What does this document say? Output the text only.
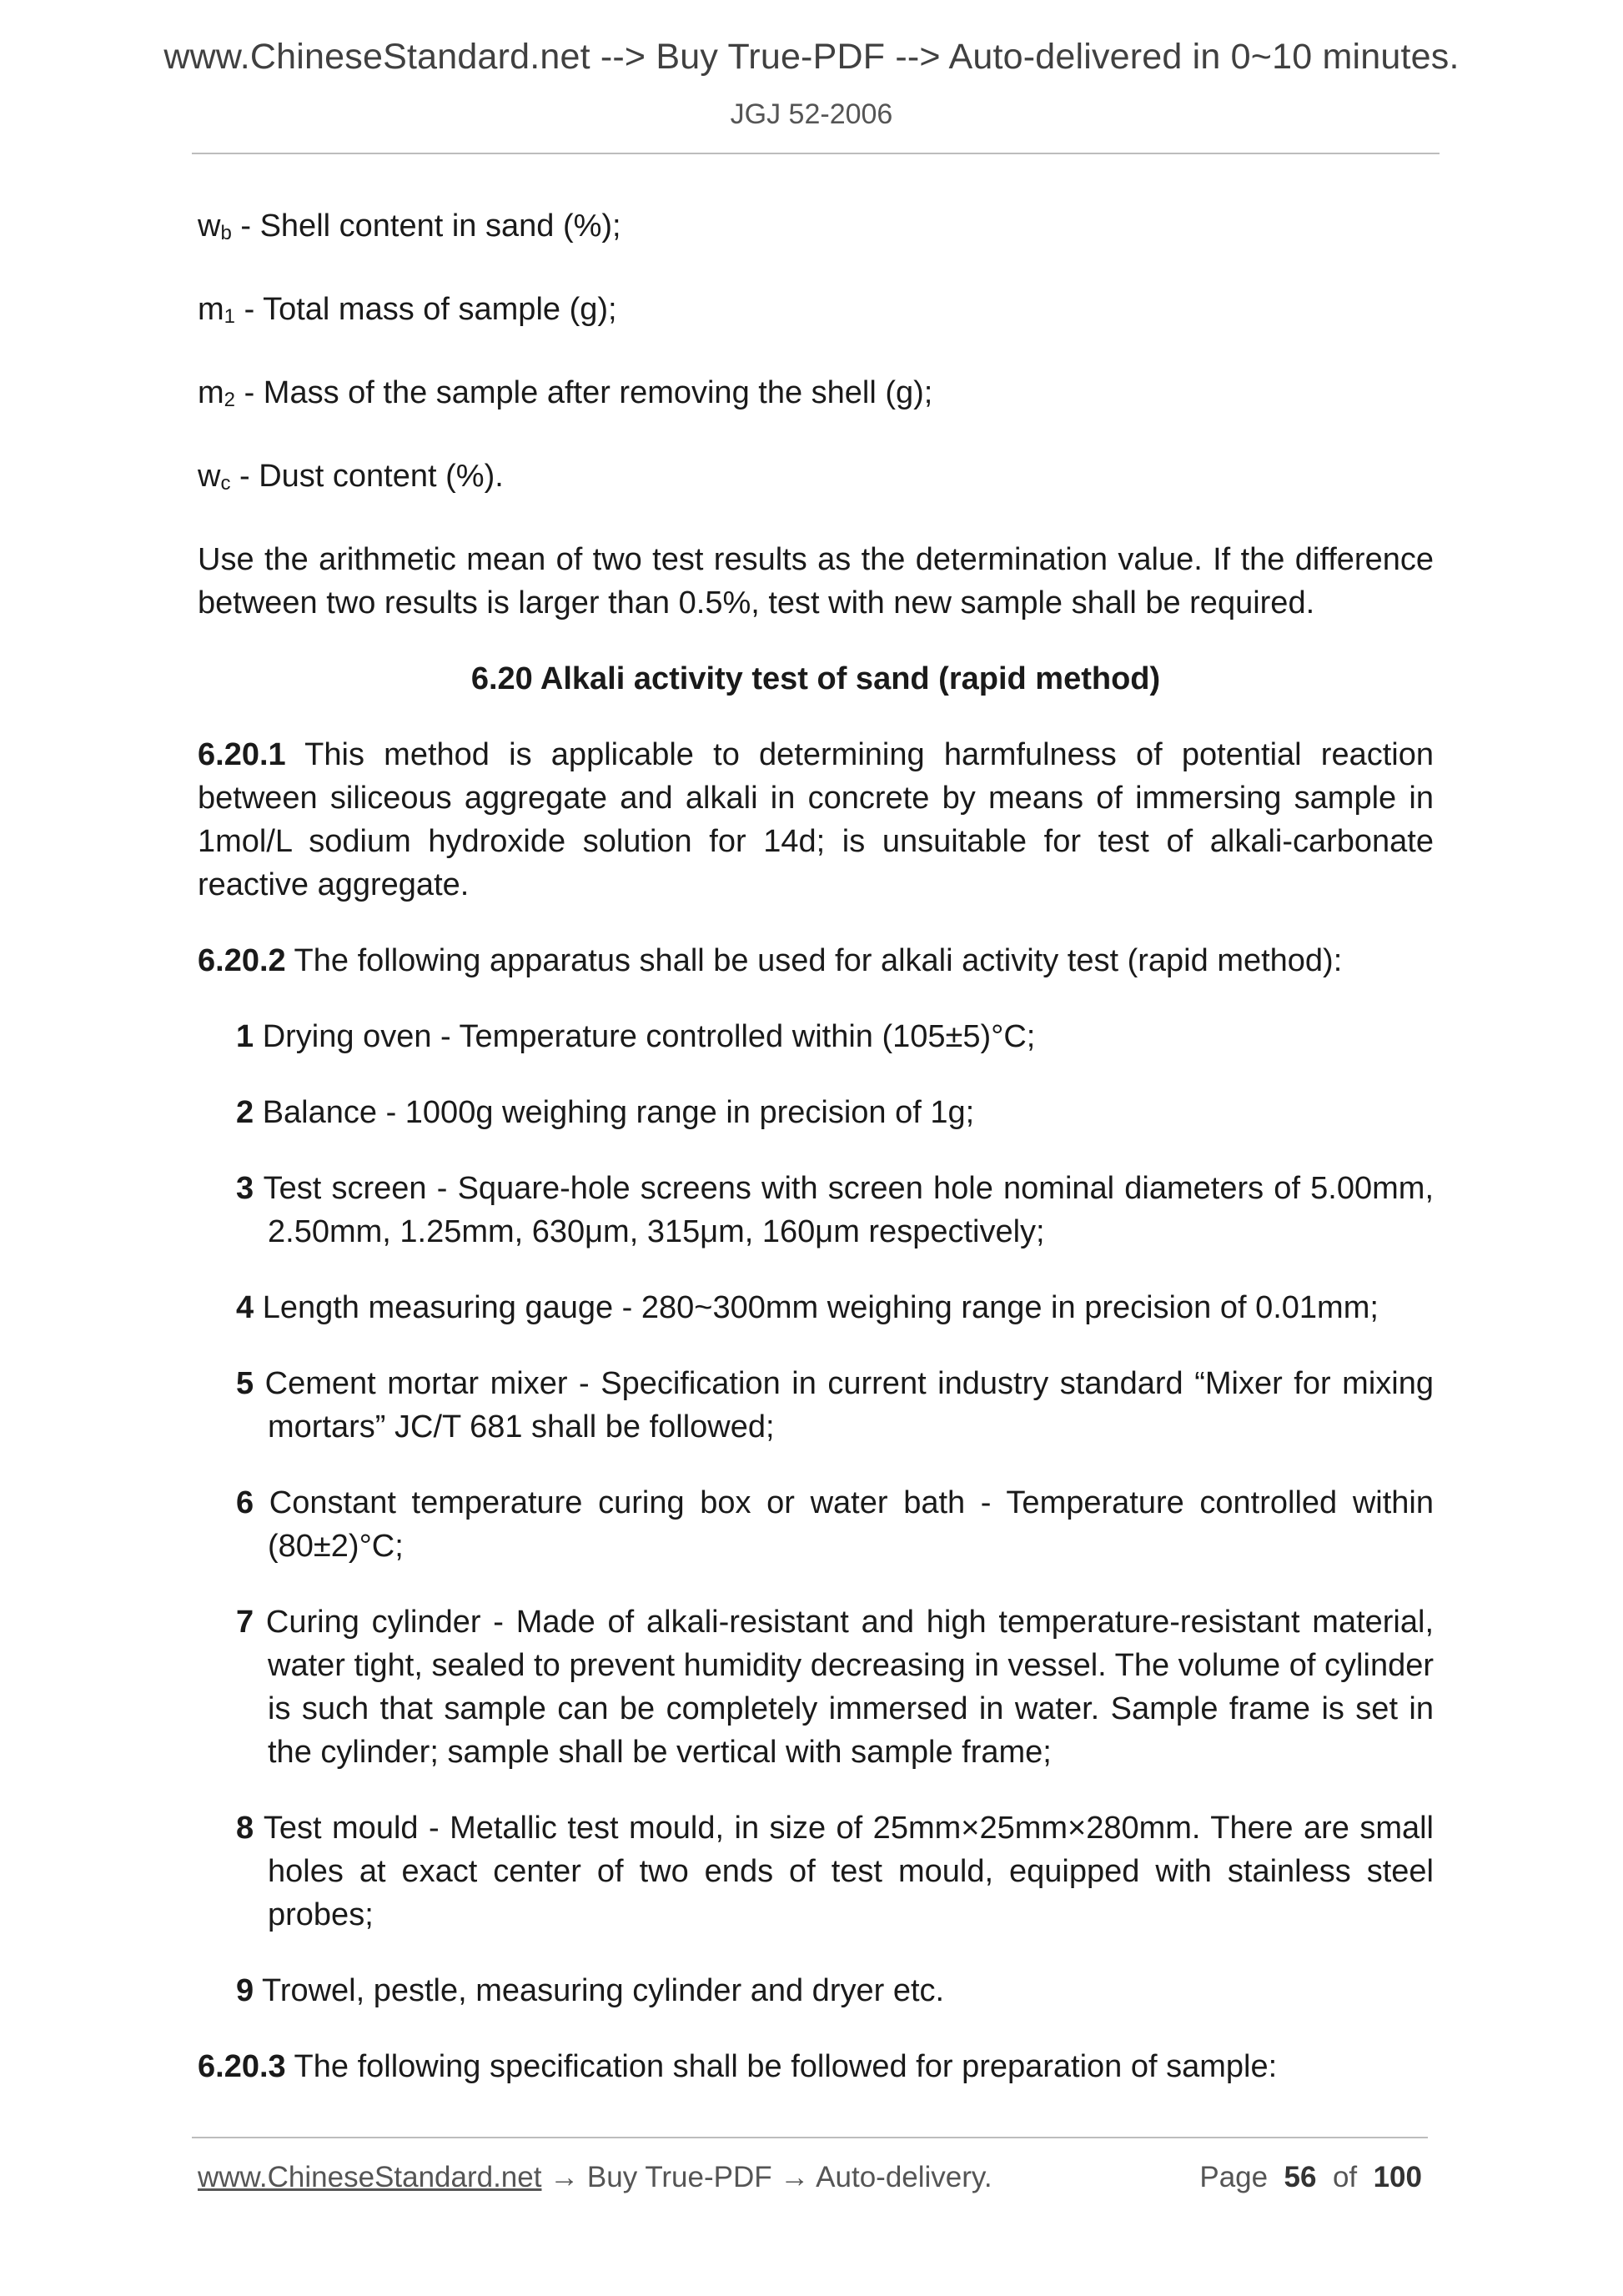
www.ChineseStandard.net --> Buy True-PDF --> Auto-delivered in 0~10 minutes.
JGJ 52-2006
$w_b$ - Shell content in sand (%);
$m_1$ - Total mass of sample (g);
$m_2$ - Mass of the sample after removing the shell (g);
$w_c$ - Dust content (%).

Use the arithmetic mean of two test results as the determination value. If the difference between two results is larger than 0.5%, test with new sample shall be required.

6.20 Alkali activity test of sand (rapid method)

6.20.1 This method is applicable to determining harmfulness of potential reaction between siliceous aggregate and alkali in concrete by means of immersing sample in 1mol/L sodium hydroxide solution for 14d; is unsuitable for test of alkali-carbonate reactive aggregate.

6.20.2 The following apparatus shall be used for alkali activity test (rapid method):

1 Drying oven - Temperature controlled within (105±5)°C;
2 Balance - 1000g weighing range in precision of 1g;
3 Test screen - Square-hole screens with screen hole nominal diameters of 5.00mm, 2.50mm, 1.25mm, 630μm, 315μm, 160μm respectively;
4 Length measuring gauge - 280~300mm weighing range in precision of 0.01mm;
5 Cement mortar mixer - Specification in current industry standard “Mixer for mixing mortars” JC/T 681 shall be followed;
6 Constant temperature curing box or water bath - Temperature controlled within (80±2)°C;
7 Curing cylinder - Made of alkali-resistant and high temperature-resistant material, water tight, sealed to prevent humidity decreasing in vessel. The volume of cylinder is such that sample can be completely immersed in water. Sample frame is set in the cylinder; sample shall be vertical with sample frame;
8 Test mould - Metallic test mould, in size of 25mm×25mm×280mm. There are small holes at exact center of two ends of test mould, equipped with stainless steel probes;
9 Trowel, pestle, measuring cylinder and dryer etc.

6.20.3 The following specification shall be followed for preparation of sample:

www.ChineseStandard.net → Buy True-PDF → Auto-delivery.	Page 56 of 100
